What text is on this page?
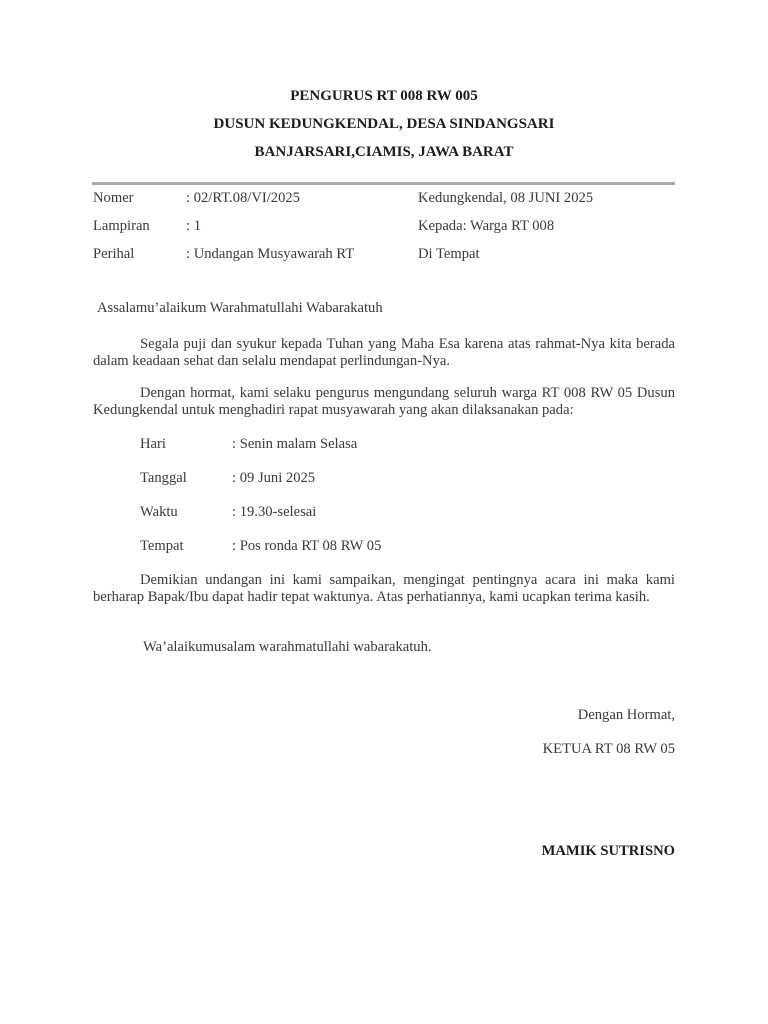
PENGURUS RT 008 RW 005
DUSUN KEDUNGKENDAL, DESA SINDANGSARI
BANJARSARI,CIAMIS, JAWA BARAT
Nomer	: 02/RT.08/VI/2025	Kedungkendal, 08 JUNI 2025
Lampiran : 1	Kepada: Warga RT 008
Perihal	: Undangan Musyawarah RT	Di Tempat
Assalamu’alaikum Warahmatullahi Wabarakatuh
Segala puji dan syukur kepada Tuhan yang Maha Esa karena atas rahmat-Nya kita berada dalam keadaan sehat dan selalu mendapat perlindungan-Nya.
Dengan hormat, kami selaku pengurus mengundang seluruh warga RT 008 RW 05 Dusun Kedungkendal untuk menghadiri rapat musyawarah yang akan dilaksanakan pada:
Hari	: Senin malam Selasa
Tanggal	: 09 Juni 2025
Waktu	: 19.30-selesai
Tempat	: Pos ronda RT 08 RW 05
Demikian undangan ini kami sampaikan, mengingat pentingnya acara ini maka kami berharap Bapak/Ibu dapat hadir tepat waktunya. Atas perhatiannya, kami ucapkan terima kasih.
Wa’alaikumusalam warahmatullahi wabarakatuh.
Dengan Hormat,
KETUA RT 08 RW 05
MAMIK SUTRISNO
